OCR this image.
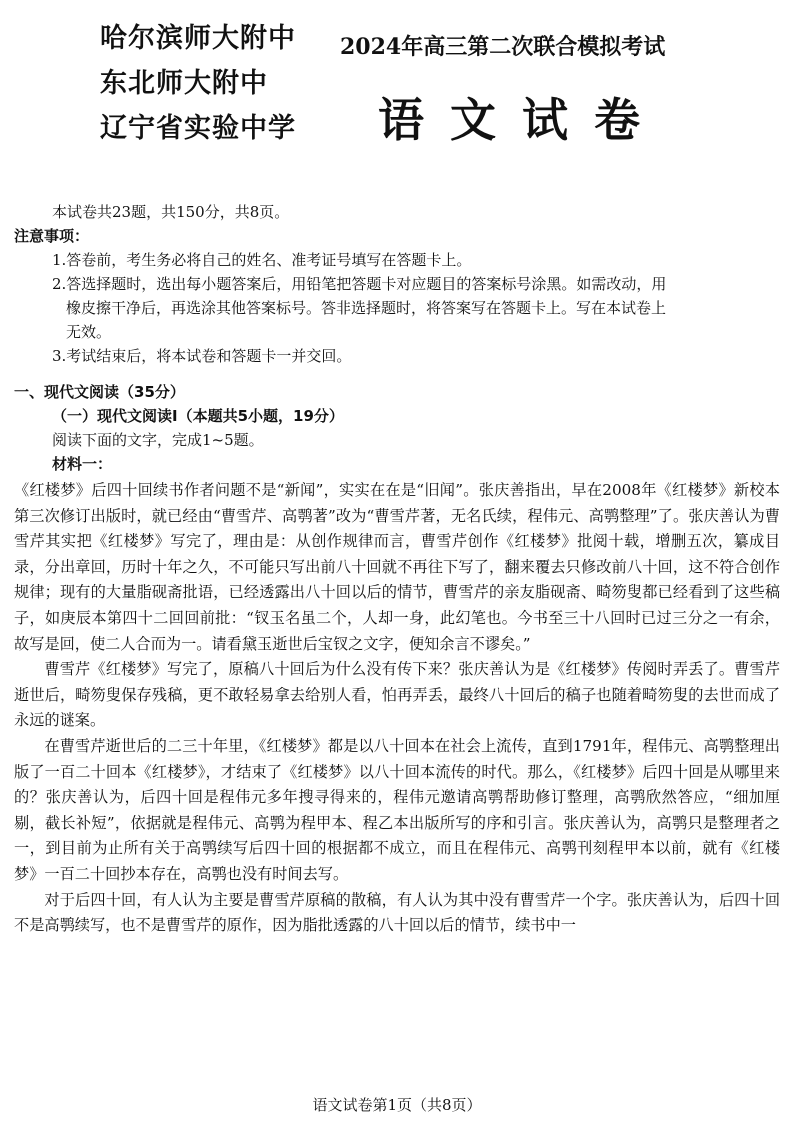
哈尔滨师大附中
东北师大附中
辽宁省实验中学
2024年高三第二次联合模拟考试
语文试卷
本试卷共23题，共150分，共8页。
注意事项：
1.答卷前，考生务必将自己的姓名、准考证号填写在答题卡上。
2.答选择题时，选出每小题答案后，用铅笔把答题卡对应题目的答案标号涂黑。如需改动，用
橡皮擦干净后，再选涂其他答案标号。答非选择题时，将答案写在答题卡上。写在本试卷上
无效。
3.考试结束后，将本试卷和答题卡一并交回。
一、现代文阅读（35分）
（一）现代文阅读Ⅰ（本题共5小题，19分）
阅读下面的文字，完成1~5题。
材料一：

《红楼梦》后四十回续书作者问题不是“新闻”，实实在在是“旧闻”。张庆善指出，早在2008年《红楼梦》新校本第三次修订出版时，就已经由“曹雪芹、高鹗著”改为“曹雪芹著，无名氏续，程伟元、高鹗整理”了。张庆善认为曹雪芹其实把《红楼梦》写完了，理由是：从创作规律而言，曹雪芹创作《红楼梦》批阅十载，增删五次，纂成目录，分出章回，历时十年之久，不可能只写出前八十回就不再往下写了，翻来覆去只修改前八十回，这不符合创作规律；现有的大量脂砚斋批语，已经透露出八十回以后的情节，曹雪芹的亲友脂砚斋、畸笏叟都已经看到了这些稿子，如庚辰本第四十二回回前批：“钗玉名虽二个，人却一身，此幻笔也。今书至三十八回时已过三分之一有余，故写是回，使二人合而为一。请看黛玉逝世后宝钗之文字，便知余言不谬矣。”

曹雪芹《红楼梦》写完了，原稿八十回后为什么没有传下来？张庆善认为是《红楼梦》传阅时弄丢了。曹雪芹逝世后，畸笏叟保存残稿，更不敢轻易拿去给别人看，怕再弄丢，最终八十回后的稿子也随着畸笏叟的去世而成了永远的谜案。

在曹雪芹逝世后的二三十年里，《红楼梦》都是以八十回本在社会上流传，直到1791年，程伟元、高鹗整理出版了一百二十回本《红楼梦》，才结束了《红楼梦》以八十回本流传的时代。那么，《红楼梦》后四十回是从哪里来的？张庆善认为，后四十回是程伟元多年搜寻得来的，程伟元邀请高鹗帮助修订整理，高鹗欣然答应，“细加厘剔，截长补短”，依据就是程伟元、高鹗为程甲本、程乙本出版所写的序和引言。张庆善认为，高鹗只是整理者之一，到目前为止所有关于高鹗续写后四十回的根据都不成立，而且在程伟元、高鹗刊刻程甲本以前，就有《红楼梦》一百二十回抄本存在，高鹗也没有时间去写。

对于后四十回，有人认为主要是曹雪芹原稿的散稿，有人认为其中没有曹雪芹一个字。张庆善认为，后四十回不是高鹗续写，也不是曹雪芹的原作，因为脂批透露的八十回以后的情节，续书中一

语文试卷第1页（共8页）
